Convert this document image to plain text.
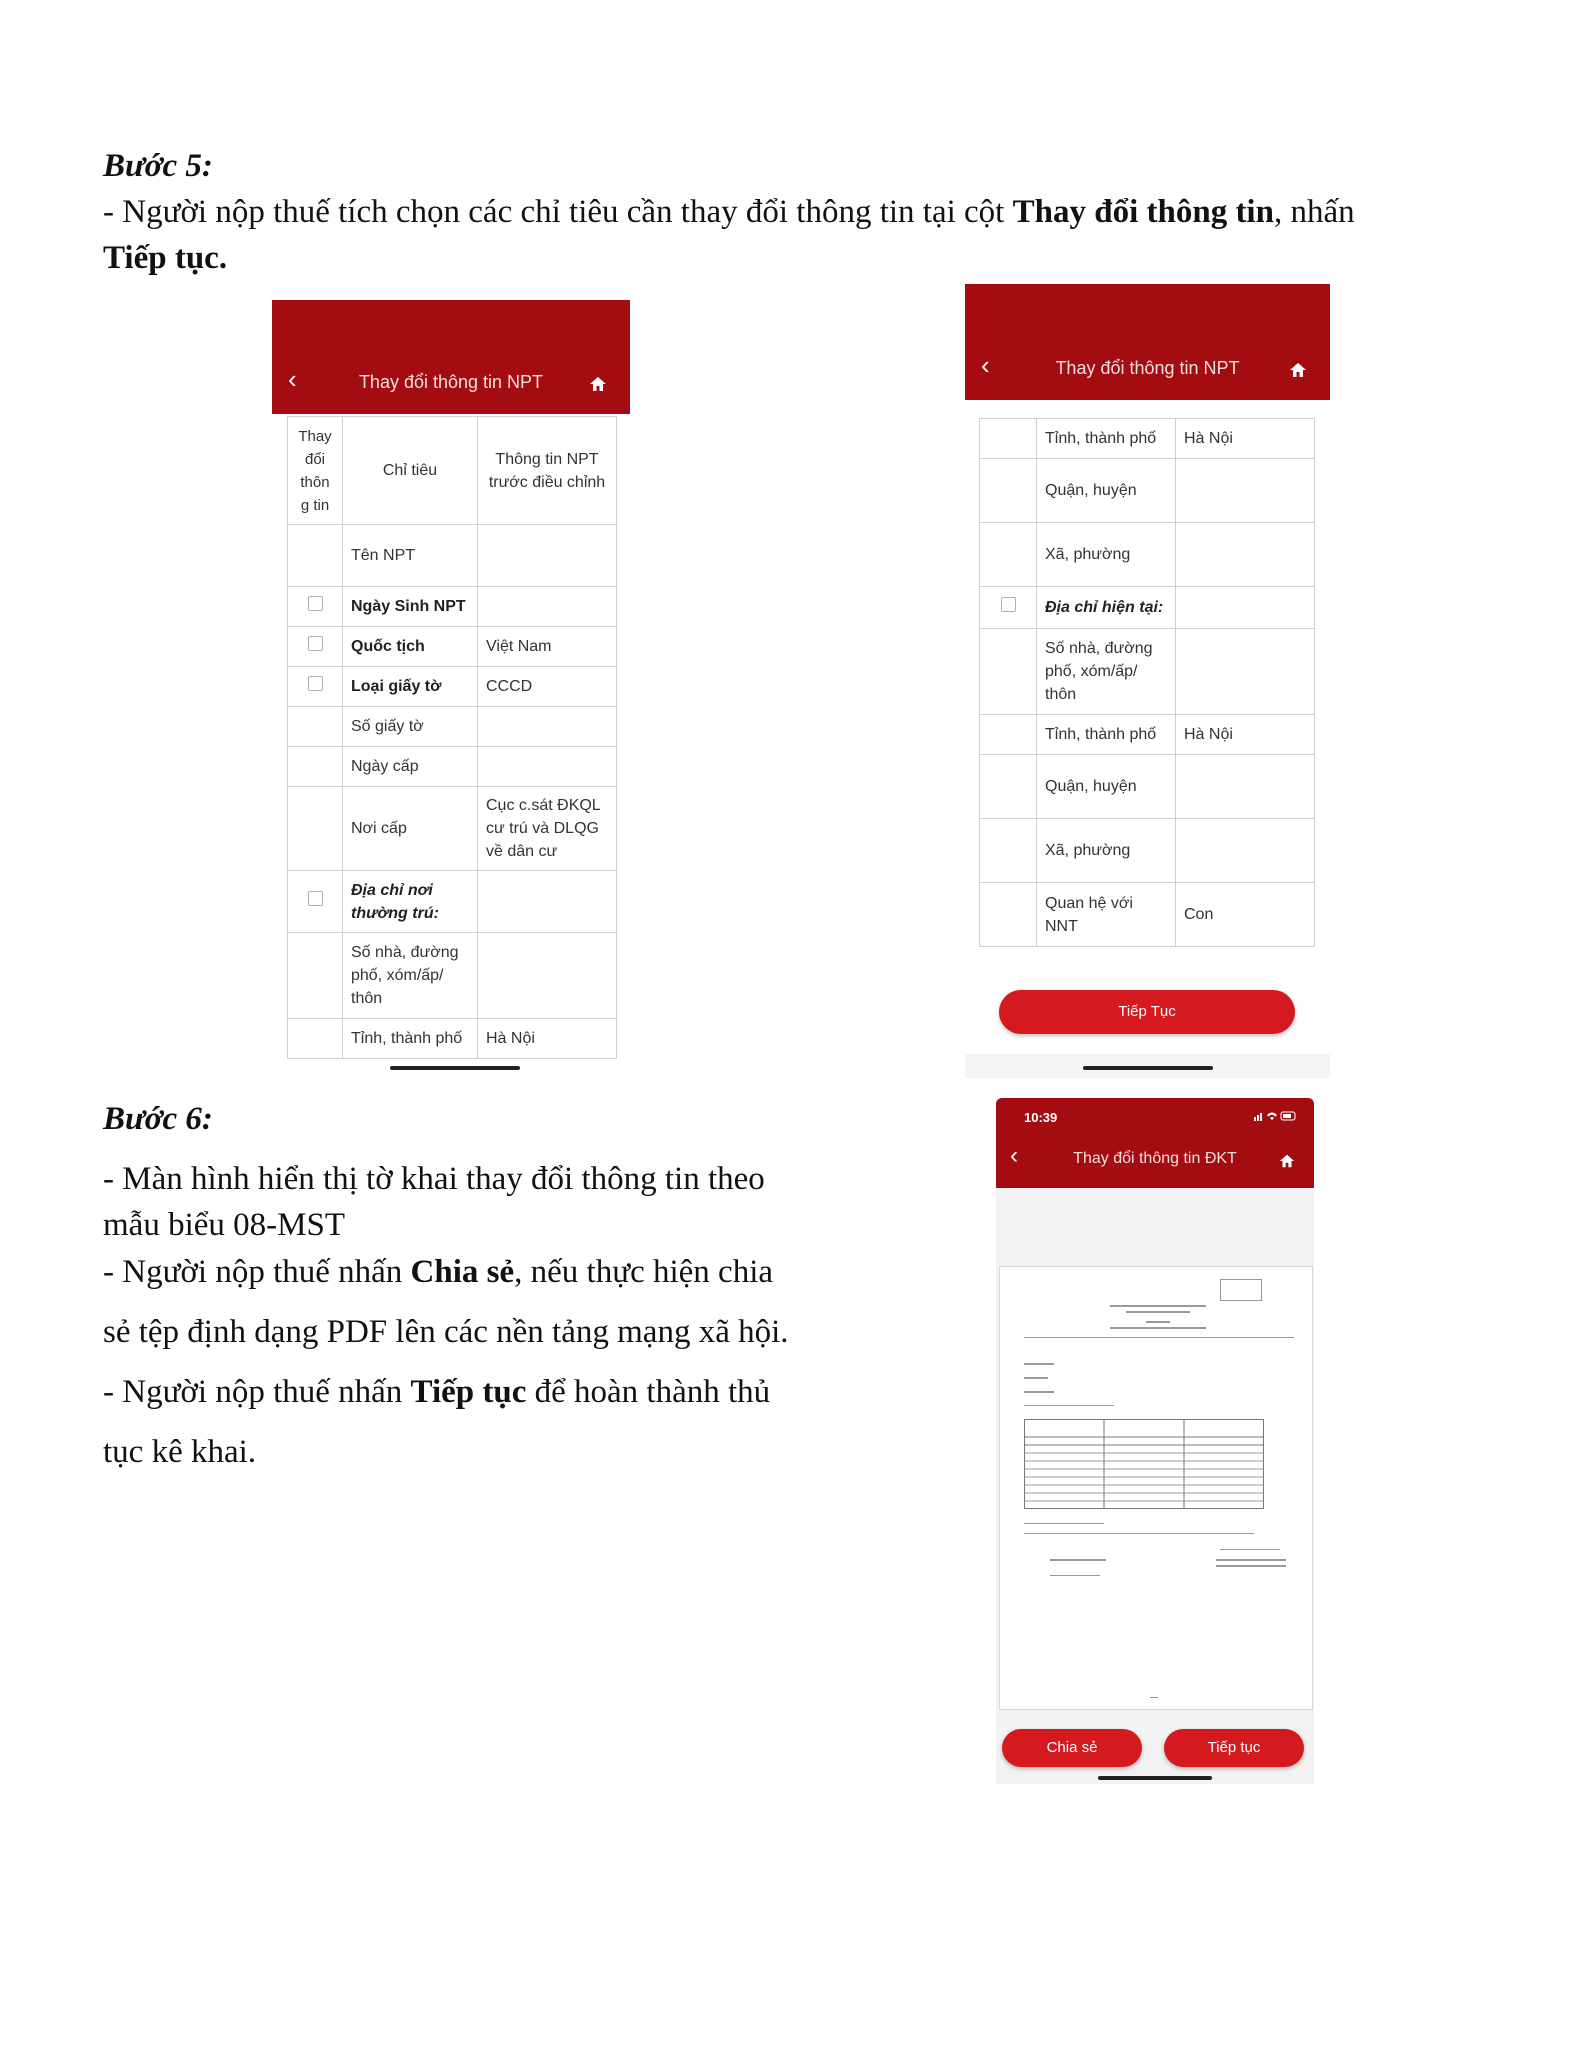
Bước 5:
- Người nộp thuế tích chọn các chỉ tiêu cần thay đổi thông tin tại cột Thay đổi thông tin, nhấn
Tiếp tục.
‹	Thay đổi thông tin NPT
Thay đổi thôn g tin	Chỉ tiêu	Thông tin NPT trước điều chỉnh
	Tên NPT	
	Ngày Sinh NPT	
	Quốc tịch	Việt Nam
	Loại giấy tờ	CCCD
	Số giấy tờ	
	Ngày cấp	
	Nơi cấp	Cục c.sát ĐKQL cư trú và DLQG về dân cư
	Địa chỉ nơi thường trú:	
	Số nhà, đường phố, xóm/ấp/ thôn	
	Tỉnh, thành phố	Hà Nội
‹	Thay đổi thông tin NPT
	Tỉnh, thành phố	Hà Nội
	Quận, huyện	
	Xã, phường	
	Địa chỉ hiện tại:	
	Số nhà, đường phố, xóm/ấp/ thôn	
	Tỉnh, thành phố	Hà Nội
	Quận, huyện	
	Xã, phường	
	Quan hệ với NNT	Con
Tiếp Tục
Bước 6:
- Màn hình hiển thị tờ khai thay đổi thông tin theo
mẫu biểu 08-MST
- Người nộp thuế nhấn Chia sẻ, nếu thực hiện chia
sẻ tệp định dạng PDF lên các nền tảng mạng xã hội.
- Người nộp thuế nhấn Tiếp tục để hoàn thành thủ
tục kê khai.
10:39
‹	Thay đổi thông tin ĐKT
Chia sẻ	Tiếp tục
